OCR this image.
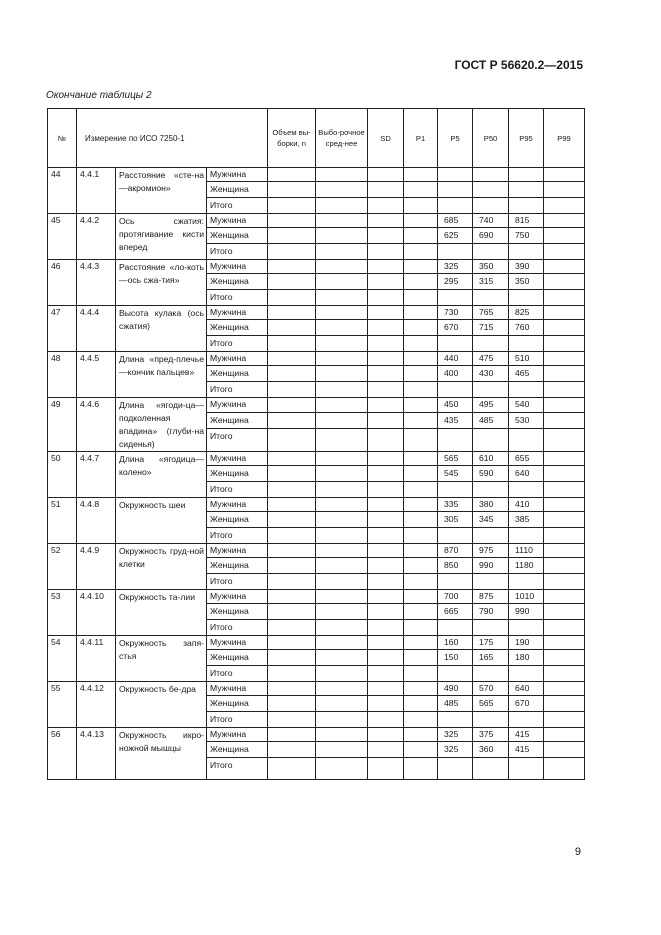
ГОСТ Р 56620.2—2015
Окончание таблицы 2
№	Измерение по ИСО 7250-1			Объем вы-борки, n	Выбо-рочное сред-нее	SD	P1	P5	P50	P95	P99
44	4.4.1	Расстояние «сте-на—акромион»	Мужчина								
			Женщина								
			Итого								
45	4.4.2	Ось сжатия: протягивание кисти вперед	Мужчина					685	740	815	
			Женщина					625	690	750	
			Итого								
46	4.4.3	Расстояние «ло-коть—ось сжа-тия»	Мужчина					325	350	390	
			Женщина					295	315	350	
			Итого								
47	4.4.4	Высота кулака (ось сжатия)	Мужчина					730	765	825	
			Женщина					670	715	760	
			Итого								
48	4.4.5	Длина «пред-плечье—кончик пальцев»	Мужчина					440	475	510	
			Женщина					400	430	465	
			Итого								
49	4.4.6	Длина «ягоди-ца—подколенная впадина» (глуби-на сиденья)	Мужчина					450	495	540	
			Женщина					435	485	530	
			Итого								
50	4.4.7	Длина «ягодица—колено»	Мужчина					565	610	655	
			Женщина					545	590	640	
			Итого								
51	4.4.8	Окружность шеи	Мужчина					335	380	410	
			Женщина					305	345	385	
			Итого								
52	4.4.9	Окружность груд-ной клетки	Мужчина					870	975	1110	
			Женщина					850	990	1180	
			Итого								
53	4.4.10	Окружность та-лии	Мужчина					700	875	1010	
			Женщина					665	790	990	
			Итого								
54	4.4.11	Окружность запя-стья	Мужчина					160	175	190	
			Женщина					150	165	180	
			Итого								
55	4.4.12	Окружность бе-дра	Мужчина					490	570	640	
			Женщина					485	565	670	
			Итого								
56	4.4.13	Окружность икро-ножной мышцы	Мужчина					325	375	415	
			Женщина					325	360	415	
			Итого								
9
